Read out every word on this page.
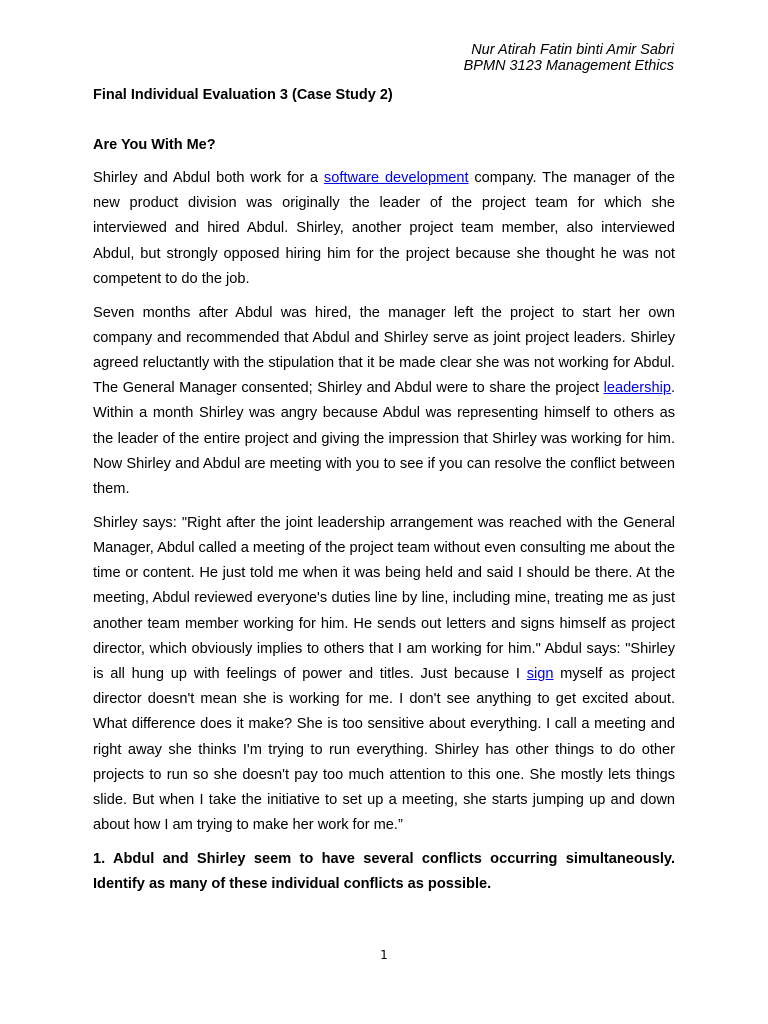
Nur Atirah Fatin binti Amir Sabri
BPMN 3123 Management Ethics
Final Individual Evaluation 3 (Case Study 2)
Are You With Me?

Shirley and Abdul both work for a software development company. The manager of the new product division was originally the leader of the project team for which she interviewed and hired Abdul. Shirley, another project team member, also interviewed Abdul, but strongly opposed hiring him for the project because she thought he was not competent to do the job.

Seven months after Abdul was hired, the manager left the project to start her own company and recommended that Abdul and Shirley serve as joint project leaders. Shirley agreed reluctantly with the stipulation that it be made clear she was not working for Abdul. The General Manager consented; Shirley and Abdul were to share the project leadership. Within a month Shirley was angry because Abdul was representing himself to others as the leader of the entire project and giving the impression that Shirley was working for him. Now Shirley and Abdul are meeting with you to see if you can resolve the conflict between them.

Shirley says: "Right after the joint leadership arrangement was reached with the General Manager, Abdul called a meeting of the project team without even consulting me about the time or content. He just told me when it was being held and said I should be there. At the meeting, Abdul reviewed everyone's duties line by line, including mine, treating me as just another team member working for him. He sends out letters and signs himself as project director, which obviously implies to others that I am working for him." Abdul says: "Shirley is all hung up with feelings of power and titles. Just because I sign myself as project director doesn't mean she is working for me. I don't see anything to get excited about. What difference does it make? She is too sensitive about everything. I call a meeting and right away she thinks I'm trying to run everything. Shirley has other things to do other projects to run so she doesn't pay too much attention to this one. She mostly lets things slide. But when I take the initiative to set up a meeting, she starts jumping up and down about how I am trying to make her work for me.”

1. Abdul and Shirley seem to have several conflicts occurring simultaneously. Identify as many of these individual conflicts as possible.

1
